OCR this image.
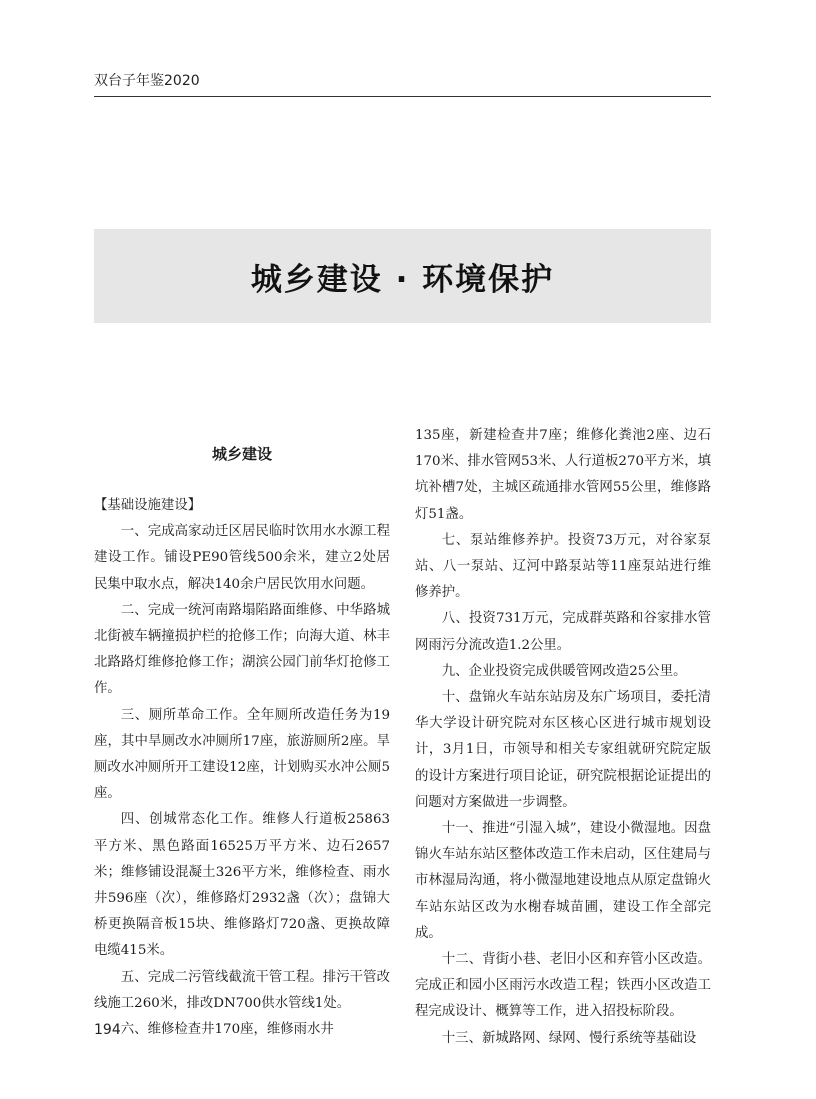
双台子年鉴2020
城乡建设 · 环境保护
城乡建设

【基础设施建设】

一、完成高家动迁区居民临时饮用水水源工程建设工作。铺设PE90管线500余米，建立2处居民集中取水点，解决140余户居民饮用水问题。

二、完成一统河南路塌陷路面维修、中华路城北街被车辆撞损护栏的抢修工作；向海大道、林丰北路路灯维修抢修工作；湖滨公园门前华灯抢修工作。

三、厕所革命工作。全年厕所改造任务为19座，其中旱厕改水冲厕所17座，旅游厕所2座。旱厕改水冲厕所开工建设12座，计划购买水冲公厕5座。

四、创城常态化工作。维修人行道板25863平方米、黑色路面16525万平方米、边石2657米；维修铺设混凝土326平方米，维修检查、雨水井596座（次），维修路灯2932盏（次）；盘锦大桥更换隔音板15块、维修路灯720盏、更换故障电缆415米。

五、完成二污管线截流干管工程。排污干管改线施工260米，排改DN700供水管线1处。

六、维修检查井170座，维修雨水井

135座，新建检查井7座；维修化粪池2座、边石170米、排水管网53米、人行道板270平方米，填坑补槽7处，主城区疏通排水管网55公里，维修路灯51盏。

七、泵站维修养护。投资73万元，对谷家泵站、八一泵站、辽河中路泵站等11座泵站进行维修养护。

八、投资731万元，完成群英路和谷家排水管网雨污分流改造1.2公里。

九、企业投资完成供暖管网改造25公里。

十、盘锦火车站东站房及东广场项目，委托清华大学设计研究院对东区核心区进行城市规划设计，3月1日，市领导和相关专家组就研究院定版的设计方案进行项目论证，研究院根据论证提出的问题对方案做进一步调整。

十一、推进“引湿入城”，建设小微湿地。因盘锦火车站东站区整体改造工作未启动，区住建局与市林湿局沟通，将小微湿地建设地点从原定盘锦火车站东站区改为水榭春城苗圃，建设工作全部完成。

十二、背街小巷、老旧小区和弃管小区改造。完成正和园小区雨污水改造工程；铁西小区改造工程完成设计、概算等工作，进入招投标阶段。

十三、新城路网、绿网、慢行系统等基础设

194
